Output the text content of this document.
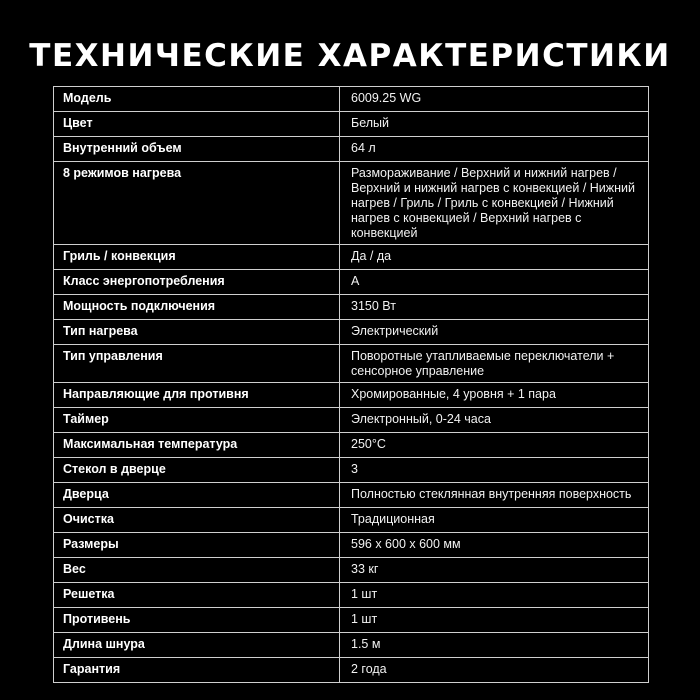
ТЕХНИЧЕСКИЕ ХАРАКТЕРИСТИКИ
Модель	6009.25 WG
Цвет	Белый
Внутренний объем	64 л
8 режимов нагрева	Размораживание / Верхний и нижний нагрев / Верхний и нижний нагрев с конвекцией / Нижний нагрев / Гриль / Гриль с конвекцией / Нижний нагрев с конвекцией / Верхний нагрев с конвекцией
Гриль / конвекция	Да / да
Класс энергопотребления	A
Мощность подключения	3150 Вт
Тип нагрева	Электрический
Тип управления	Поворотные утапливаемые переключатели + сенсорное управление
Направляющие для противня	Хромированные, 4 уровня + 1 пара
Таймер	Электронный, 0-24 часа
Максимальная температура	250°C
Стекол в дверце	3
Дверца	Полностью стеклянная внутренняя поверхность
Очистка	Традиционная
Размеры	596 x 600 x 600 мм
Вес	33 кг
Решетка	1 шт
Противень	1 шт
Длина шнура	1.5 м
Гарантия	2 года
